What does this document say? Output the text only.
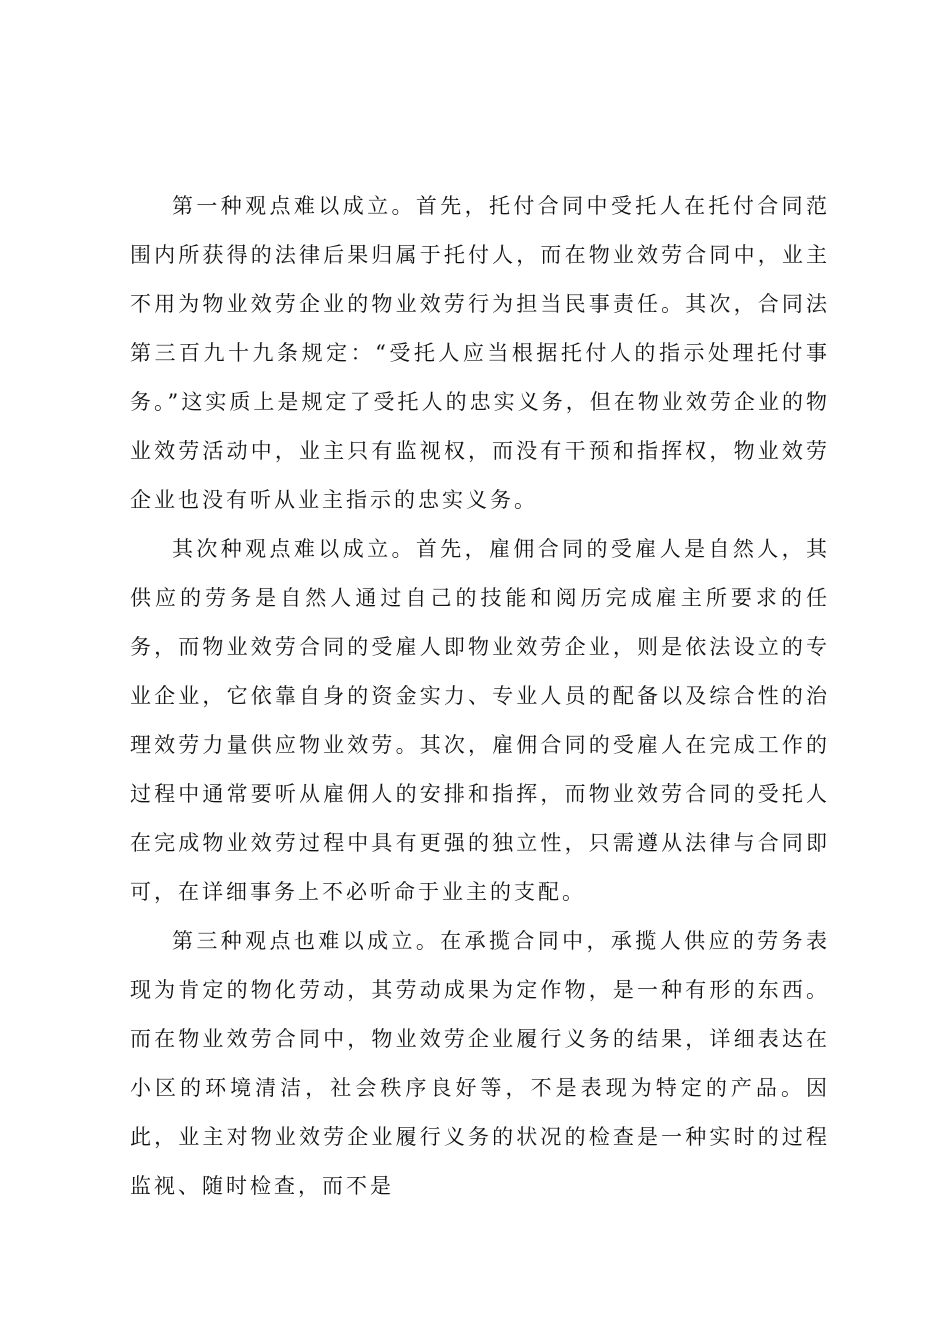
第一种观点难以成立。首先，托付合同中受托人在托付合同范围内所获得的法律后果归属于托付人，而在物业效劳合同中，业主不用为物业效劳企业的物业效劳行为担当民事责任。其次，合同法第三百九十九条规定：“受托人应当根据托付人的指示处理托付事务。”这实质上是规定了受托人的忠实义务，但在物业效劳企业的物业效劳活动中，业主只有监视权，而没有干预和指挥权，物业效劳企业也没有听从业主指示的忠实义务。

其次种观点难以成立。首先，雇佣合同的受雇人是自然人，其供应的劳务是自然人通过自己的技能和阅历完成雇主所要求的任务，而物业效劳合同的受雇人即物业效劳企业，则是依法设立的专业企业，它依靠自身的资金实力、专业人员的配备以及综合性的治理效劳力量供应物业效劳。其次，雇佣合同的受雇人在完成工作的过程中通常要听从雇佣人的安排和指挥，而物业效劳合同的受托人在完成物业效劳过程中具有更强的独立性，只需遵从法律与合同即可，在详细事务上不必听命于业主的支配。

第三种观点也难以成立。在承揽合同中，承揽人供应的劳务表现为肯定的物化劳动，其劳动成果为定作物，是一种有形的东西。而在物业效劳合同中，物业效劳企业履行义务的结果，详细表达在小区的环境清洁，社会秩序良好等，不是表现为特定的产品。因此，业主对物业效劳企业履行义务的状况的检查是一种实时的过程监视、随时检查，而不是
